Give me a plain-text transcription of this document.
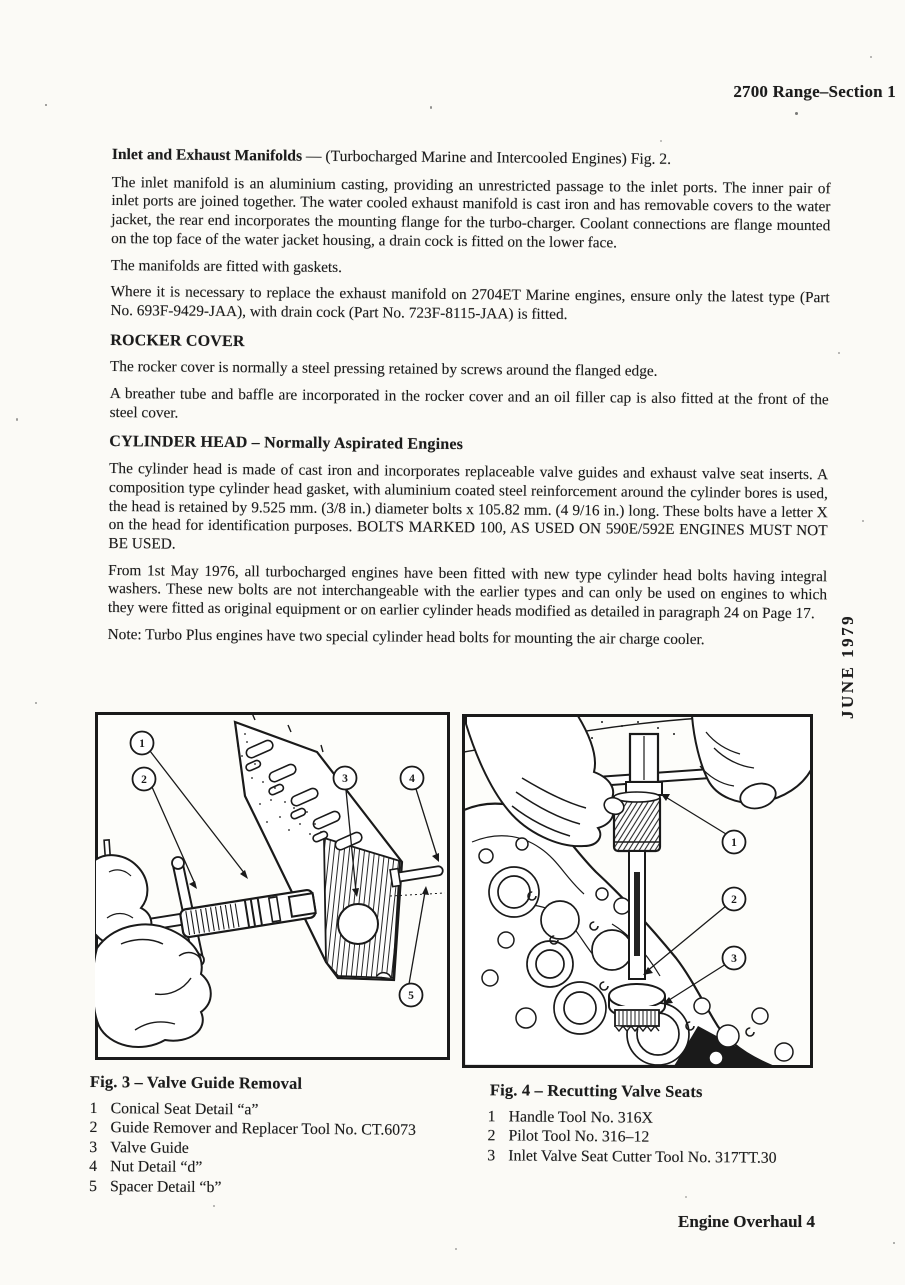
2700 Range–Section 1

Inlet and Exhaust Manifolds — (Turbocharged Marine and Intercooled Engines) Fig. 2.

The inlet manifold is an aluminium casting, providing an unrestricted passage to the inlet ports. The inner pair of inlet ports are joined together. The water cooled exhaust manifold is cast iron and has removable covers to the water jacket, the rear end incorporates the mounting flange for the turbo-charger. Coolant connections are flange mounted on the top face of the water jacket housing, a drain cock is fitted on the lower face.

The manifolds are fitted with gaskets.

Where it is necessary to replace the exhaust manifold on 2704ET Marine engines, ensure only the latest type (Part No. 693F-9429-JAA), with drain cock (Part No. 723F-8115-JAA) is fitted.

ROCKER COVER

The rocker cover is normally a steel pressing retained by screws around the flanged edge.

A breather tube and baffle are incorporated in the rocker cover and an oil filler cap is also fitted at the front of the steel cover.

CYLINDER HEAD – Normally Aspirated Engines

The cylinder head is made of cast iron and incorporates replaceable valve guides and exhaust valve seat inserts. A composition type cylinder head gasket, with aluminium coated steel reinforcement around the cylinder bores is used, the head is retained by 9.525 mm. (3/8 in.) diameter bolts x 105.82 mm. (4 9/16 in.) long. These bolts have a letter X on the head for identification purposes. BOLTS MARKED 100, AS USED ON 590E/592E ENGINES MUST NOT BE USED.

From 1st May 1976, all turbocharged engines have been fitted with new type cylinder head bolts having integral washers. These new bolts are not interchangeable with the earlier types and can only be used on engines to which they were fitted as original equipment or on earlier cylinder heads modified as detailed in paragraph 24 on Page 17.

Note: Turbo Plus engines have two special cylinder head bolts for mounting the air charge cooler.	JUNE 1979
1
2	3	4
5
Fig. 3 – Valve Guide Removal
1 Conical Seat Detail “a”
2 Guide Remover and Replacer Tool No. CT.6073
3 Valve Guide
4 Nut Detail “d”
5 Spacer Detail “b”
1
2
3
Fig. 4 – Recutting Valve Seats
1 Handle Tool No. 316X
2 Pilot Tool No. 316–12
3 Inlet Valve Seat Cutter Tool No. 317TT.30
Engine Overhaul 4
